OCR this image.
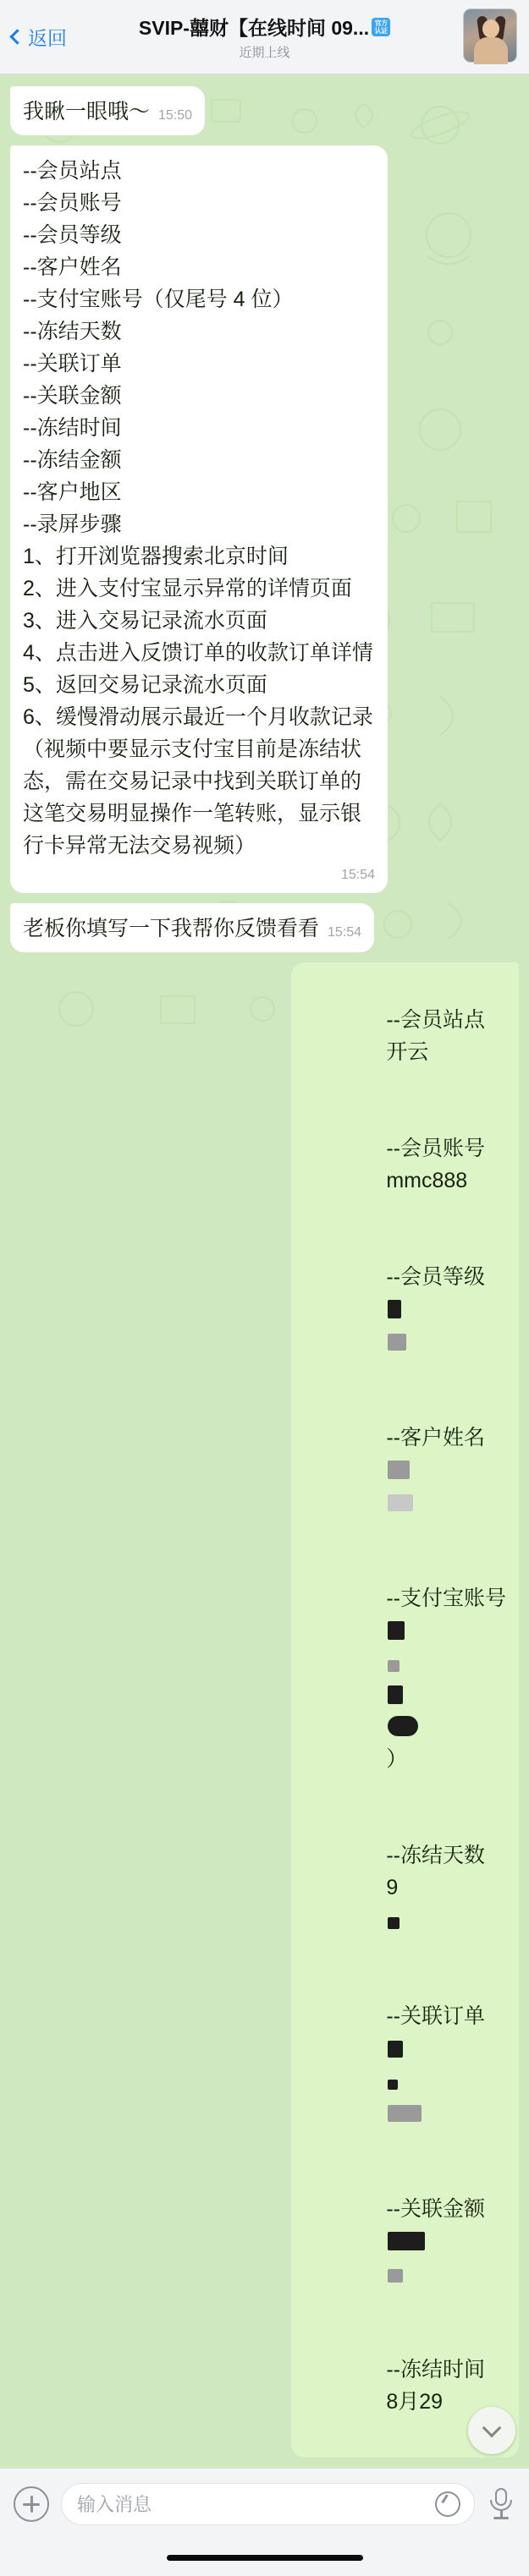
返回	SVIP-囍财【在线时间 09... 官方认证
近期上线
我瞅一眼哦～ 15:50
--会员站点
--会员账号
--会员等级
--客户姓名
--支付宝账号（仅尾号 4 位）
--冻结天数
--关联订单
--关联金额
--冻结时间
--冻结金额
--客户地区
--录屏步骤
1、打开浏览器搜索北京时间
2、进入支付宝显示异常的详情页面
3、进入交易记录流水页面
4、点击进入反馈订单的收款订单详情
5、返回交易记录流水页面
6、缓慢滑动展示最近一个月收款记录（视频中要显示支付宝目前是冻结状态，需在交易记录中找到关联订单的这笔交易明显操作一笔转账，显示银行卡异常无法交易视频）
15:54
老板你填写一下我帮你反馈看看 15:54

--会员站点
开云

--会员账号
mmc888

--会员等级

--客户姓名

--支付宝账号

）

--冻结天数
9

--关联订单

--关联金额

--冻结时间
8月29

输入消息
